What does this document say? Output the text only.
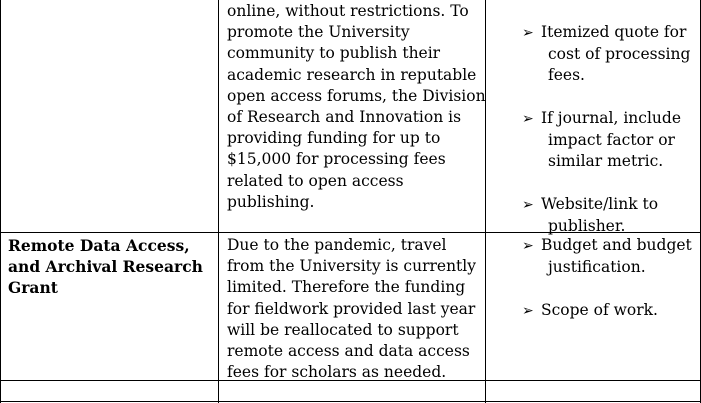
online, without restrictions. To
promote the University
community to publish their
academic research in reputable
open access forums, the Division
of Research and Innovation is
providing funding for up to
$15,000 for processing fees
related to open access
publishing.
➢ Itemized quote for
cost of processing
fees.
➢ If journal, include
impact factor or
similar metric.
➢ Website/link to
publisher.
Remote Data Access,
and Archival Research
Grant
Due to the pandemic, travel
from the University is currently
limited. Therefore the funding
for fieldwork provided last year
will be reallocated to support
remote access and data access
fees for scholars as needed.
➢ Budget and budget
justification.
➢ Scope of work.
